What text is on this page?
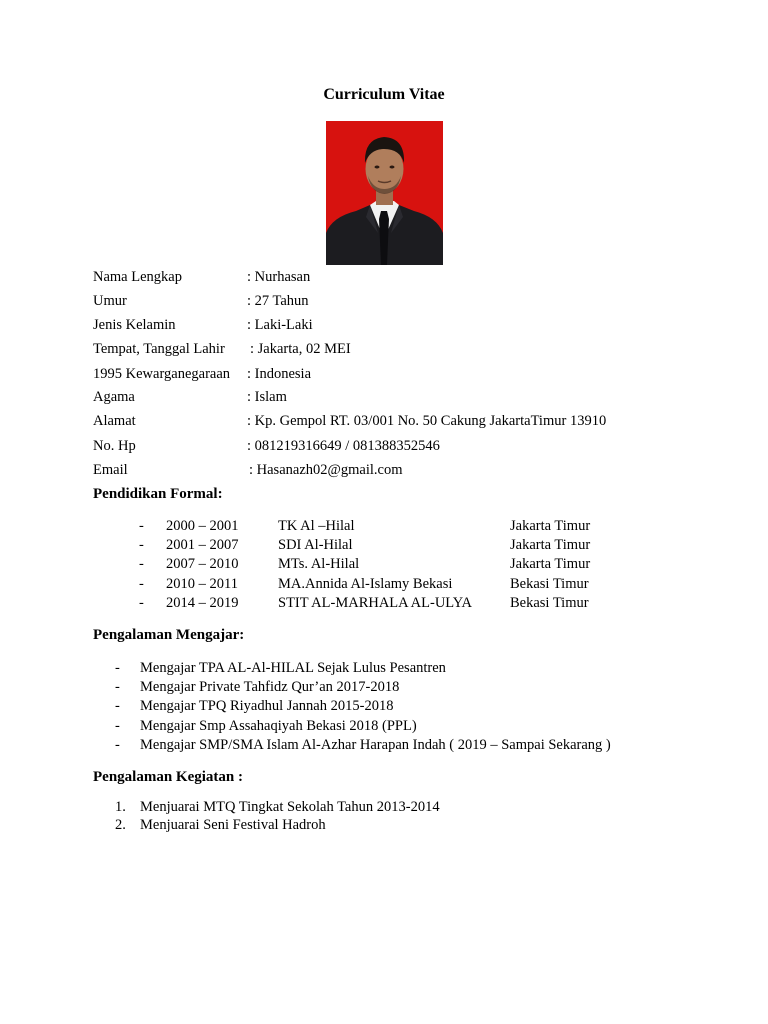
Curriculum Vitae
Nama Lengkap	: Nurhasan
Umur	: 27 Tahun
Jenis Kelamin	: Laki-Laki
Tempat, Tanggal Lahir : Jakarta, 02 MEI
1995 Kewarganegaraan : Indonesia
Agama	: Islam
Alamat	: Kp. Gempol RT. 03/001 No. 50 Cakung JakartaTimur 13910
No. Hp	: 081219316649 / 081388352546
Email	: Hasanazh02@gmail.com
Pendidikan Formal:
- 2000 – 2001	TK Al –Hilal	Jakarta Timur
- 2001 – 2007	SDI Al-Hilal	Jakarta Timur
- 2007 – 2010	MTs. Al-Hilal	Jakarta Timur
- 2010 – 2011	MA.Annida Al-Islamy Bekasi	Bekasi Timur
- 2014 – 2019	STIT AL-MARHALA AL-ULYA	Bekasi Timur
Pengalaman Mengajar:
- Mengajar TPA AL-Al-HILAL Sejak Lulus Pesantren
- Mengajar Private Tahfidz Qur’an 2017-2018
- Mengajar TPQ Riyadhul Jannah 2015-2018
- Mengajar Smp Assahaqiyah Bekasi 2018 (PPL)
- Mengajar SMP/SMA Islam Al-Azhar Harapan Indah ( 2019 – Sampai Sekarang )
Pengalaman Kegiatan :
1. Menjuarai MTQ Tingkat Sekolah Tahun 2013-2014
2. Menjuarai Seni Festival Hadroh
